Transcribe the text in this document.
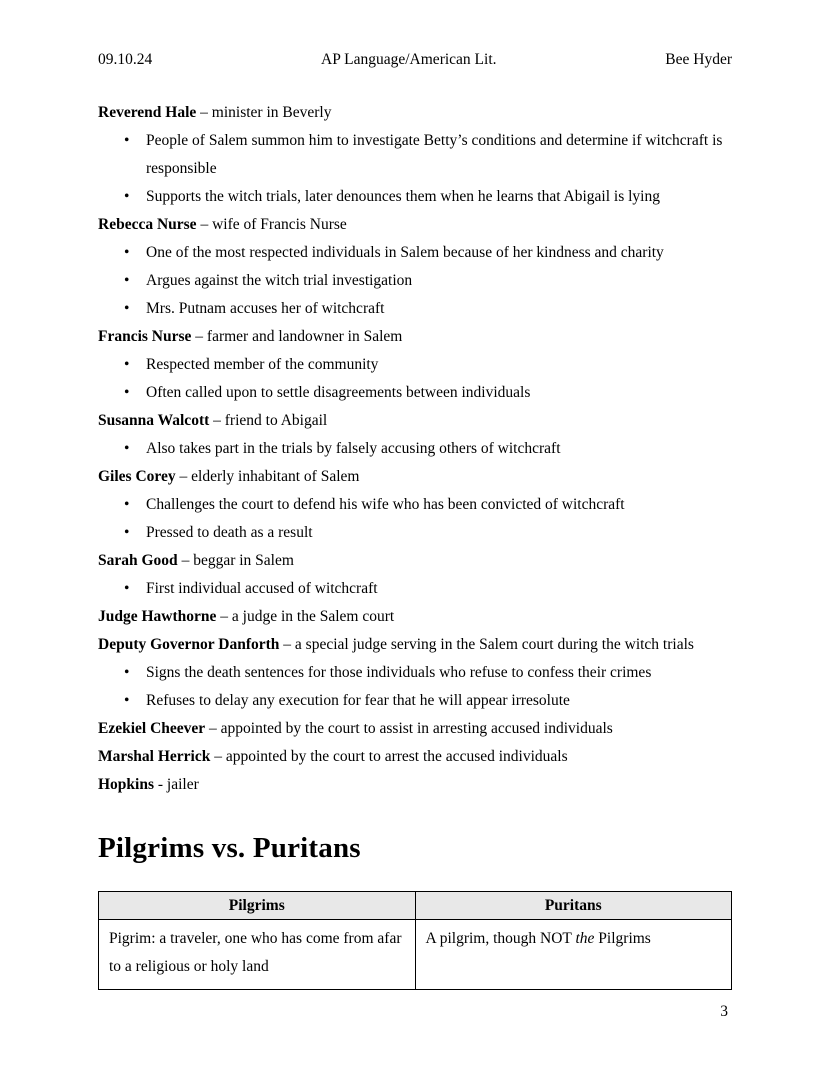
09.10.24	AP Language/American Lit.	Bee Hyder

Reverend Hale – minister in Beverly

• People of Salem summon him to investigate Betty’s conditions and determine if witchcraft is responsible
• Supports the witch trials, later denounces them when he learns that Abigail is lying

Rebecca Nurse – wife of Francis Nurse

• One of the most respected individuals in Salem because of her kindness and charity
• Argues against the witch trial investigation
• Mrs. Putnam accuses her of witchcraft

Francis Nurse – farmer and landowner in Salem

• Respected member of the community
• Often called upon to settle disagreements between individuals

Susanna Walcott – friend to Abigail

• Also takes part in the trials by falsely accusing others of witchcraft

Giles Corey – elderly inhabitant of Salem

• Challenges the court to defend his wife who has been convicted of witchcraft
• Pressed to death as a result

Sarah Good – beggar in Salem

• First individual accused of witchcraft

Judge Hawthorne – a judge in the Salem court

Deputy Governor Danforth – a special judge serving in the Salem court during the witch trials

• Signs the death sentences for those individuals who refuse to confess their crimes
• Refuses to delay any execution for fear that he will appear irresolute

Ezekiel Cheever – appointed by the court to assist in arresting accused individuals

Marshal Herrick – appointed by the court to arrest the accused individuals

Hopkins - jailer

Pilgrims vs. Puritans
Pilgrims	Puritans
Pigrim: a traveler, one who has come from afar to a religious or holy land	A pilgrim, though NOT the Pilgrims
3
